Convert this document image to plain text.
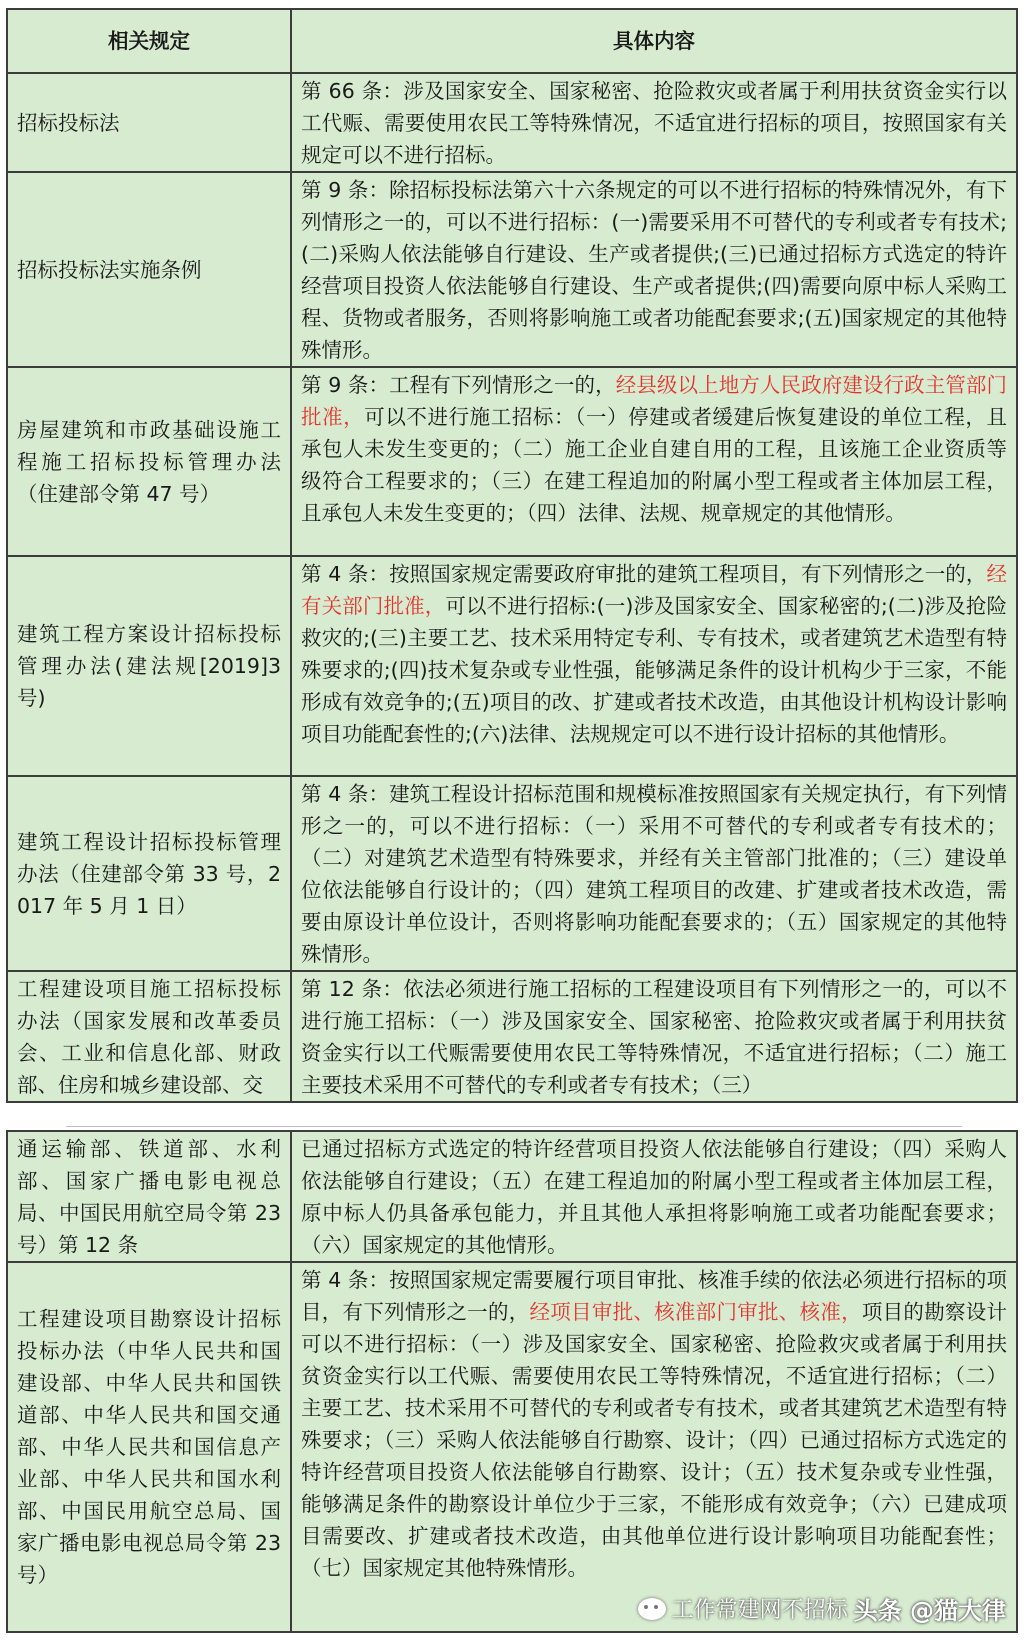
相关规定	具体内容
招标投标法	第 66 条：涉及国家安全、国家秘密、抢险救灾或者属于利用扶贫资金实行以工代赈、需要使用农民工等特殊情况，不适宜进行招标的项目，按照国家有关规定可以不进行招标。
招标投标法实施条例	第 9 条：除招标投标法第六十六条规定的可以不进行招标的特殊情况外，有下列情形之一的，可以不进行招标：(一)需要采用不可替代的专利或者专有技术;(二)采购人依法能够自行建设、生产或者提供;(三)已通过招标方式选定的特许经营项目投资人依法能够自行建设、生产或者提供;(四)需要向原中标人采购工程、货物或者服务，否则将影响施工或者功能配套要求;(五)国家规定的其他特殊情形。
房屋建筑和市政基础设施工程施工招标投标管理办法（住建部令第 47 号）	第 9 条：工程有下列情形之一的，经县级以上地方人民政府建设行政主管部门批准，可以不进行施工招标：（一）停建或者缓建后恢复建设的单位工程，且承包人未发生变更的；（二）施工企业自建自用的工程，且该施工企业资质等级符合工程要求的；（三）在建工程追加的附属小型工程或者主体加层工程，且承包人未发生变更的；（四）法律、法规、规章规定的其他情形。
建筑工程方案设计招标投标管理办法(建法规[2019]3 号)	第 4 条：按照国家规定需要政府审批的建筑工程项目，有下列情形之一的，经有关部门批准，可以不进行招标:(一)涉及国家安全、国家秘密的;(二)涉及抢险救灾的;(三)主要工艺、技术采用特定专利、专有技术，或者建筑艺术造型有特殊要求的;(四)技术复杂或专业性强，能够满足条件的设计机构少于三家，不能形成有效竞争的;(五)项目的改、扩建或者技术改造，由其他设计机构设计影响项目功能配套性的;(六)法律、法规规定可以不进行设计招标的其他情形。
建筑工程设计招标投标管理办法（住建部令第 33 号，2017 年 5 月 1 日）	第 4 条：建筑工程设计招标范围和规模标准按照国家有关规定执行，有下列情形之一的，可以不进行招标：（一）采用不可替代的专利或者专有技术的；（二）对建筑艺术造型有特殊要求，并经有关主管部门批准的；（三）建设单位依法能够自行设计的；（四）建筑工程项目的改建、扩建或者技术改造，需要由原设计单位设计，否则将影响功能配套要求的；（五）国家规定的其他特殊情形。
工程建设项目施工招标投标办法（国家发展和改革委员会、工业和信息化部、财政部、住房和城乡建设部、交	第 12 条：依法必须进行施工招标的工程建设项目有下列情形之一的，可以不进行施工招标：（一）涉及国家安全、国家秘密、抢险救灾或者属于利用扶贫资金实行以工代赈需要使用农民工等特殊情况，不适宜进行招标；（二）施工主要技术采用不可替代的专利或者专有技术；（三）
通运输部、铁道部、水利部、国家广播电影电视总局、中国民用航空局令第 23 号）第 12 条	已通过招标方式选定的特许经营项目投资人依法能够自行建设；（四）采购人依法能够自行建设；（五）在建工程追加的附属小型工程或者主体加层工程，原中标人仍具备承包能力，并且其他人承担将影响施工或者功能配套要求；（六）国家规定的其他情形。
工程建设项目勘察设计招标投标办法（中华人民共和国建设部、中华人民共和国铁道部、中华人民共和国交通部、中华人民共和国信息产业部、中华人民共和国水利部、中国民用航空总局、国家广播电影电视总局令第 23 号）	第 4 条：按照国家规定需要履行项目审批、核准手续的依法必须进行招标的项目，有下列情形之一的，经项目审批、核准部门审批、核准，项目的勘察设计可以不进行招标：（一）涉及国家安全、国家秘密、抢险救灾或者属于利用扶贫资金实行以工代赈、需要使用农民工等特殊情况，不适宜进行招标；（二）主要工艺、技术采用不可替代的专利或者专有技术，或者其建筑艺术造型有特殊要求；（三）采购人依法能够自行勘察、设计；（四）已通过招标方式选定的特许经营项目投资人依法能够自行勘察、设计；（五）技术复杂或专业性强，能够满足条件的勘察设计单位少于三家，不能形成有效竞争；（六）已建成项目需要改、扩建或者技术改造，由其他单位进行设计影响项目功能配套性；（七）国家规定其他特殊情形。
工作常建网不招标 头条 @猫大律
